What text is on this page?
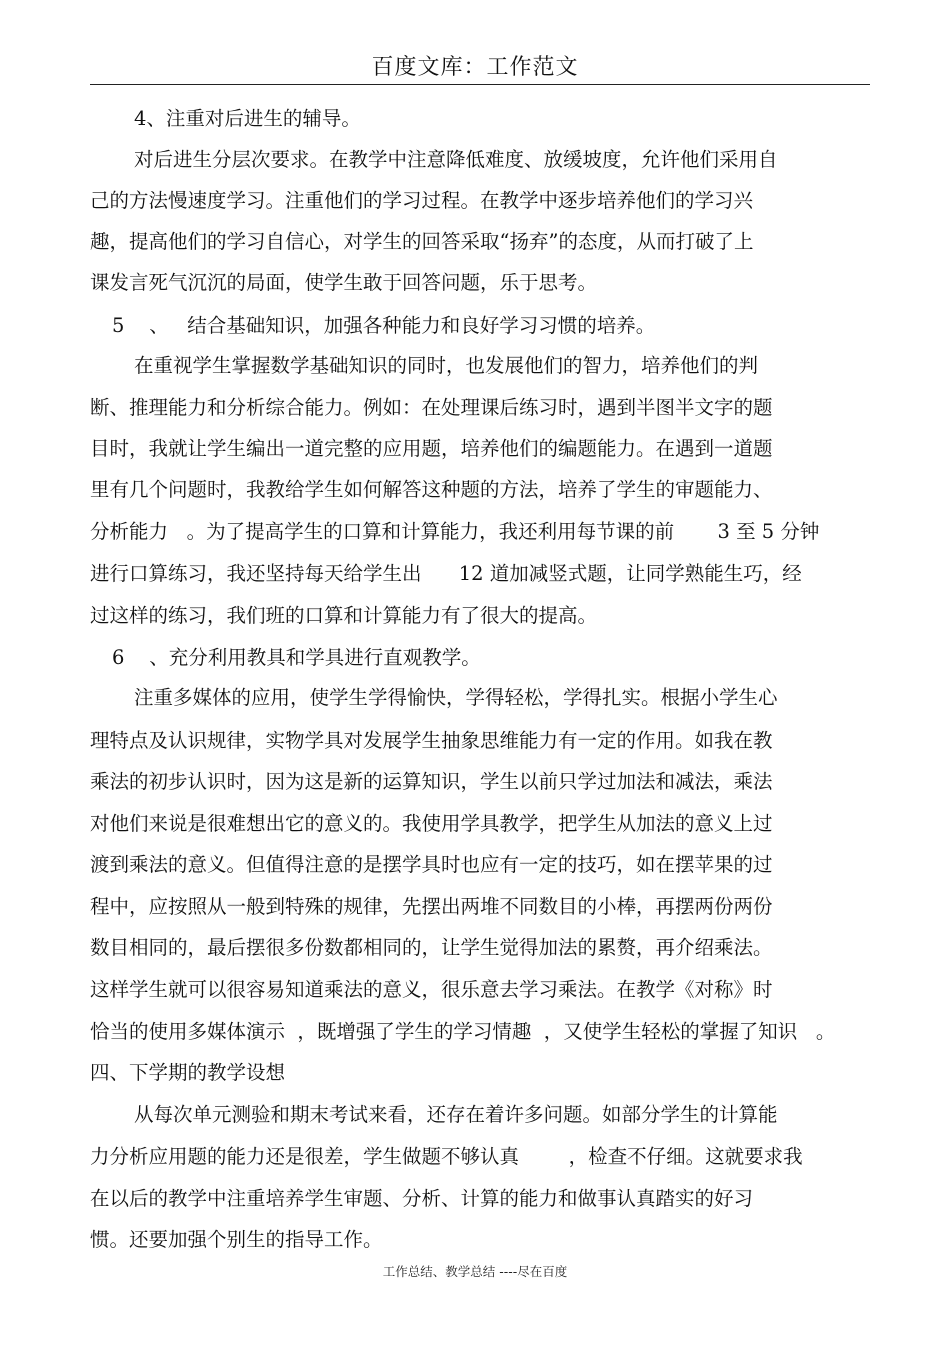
百度文库：工作范文
4、注重对后进生的辅导。
对后进生分层次要求。在教学中注意降低难度、放缓坡度，允许他们采用自
己的方法慢速度学习。注重他们的学习过程。在教学中逐步培养他们的学习兴
趣，提高他们的学习自信心，对学生的回答采取“扬弃”的态度，从而打破了上
课发言死气沉沉的局面，使学生敢于回答问题，乐于思考。
5    、   结合基础知识，加强各种能力和良好学习习惯的培养。
在重视学生掌握数学基础知识的同时，也发展他们的智力，培养他们的判
断、推理能力和分析综合能力。例如：在处理课后练习时，遇到半图半文字的题
目时，我就让学生编出一道完整的应用题，培养他们的编题能力。在遇到一道题
里有几个问题时，我教给学生如何解答这种题的方法，培养了学生的审题能力、
分析能力   。为了提高学生的口算和计算能力，我还利用每节课的前       3 至 5 分钟
进行口算练习，我还坚持每天给学生出      12 道加减竖式题，让同学熟能生巧，经
过这样的练习，我们班的口算和计算能力有了很大的提高。
6    、充分利用教具和学具进行直观教学。
注重多媒体的应用，使学生学得愉快，学得轻松，学得扎实。根据小学生心
理特点及认识规律，实物学具对发展学生抽象思维能力有一定的作用。如我在教
乘法的初步认识时，因为这是新的运算知识，学生以前只学过加法和减法，乘法
对他们来说是很难想出它的意义的。我使用学具教学，把学生从加法的意义上过
渡到乘法的意义。但值得注意的是摆学具时也应有一定的技巧，如在摆苹果的过
程中，应按照从一般到特殊的规律，先摆出两堆不同数目的小棒，再摆两份两份
数目相同的，最后摆很多份数都相同的，让学生觉得加法的累赘，再介绍乘法。
这样学生就可以很容易知道乘法的意义，很乐意去学习乘法。在教学《对称》时
恰当的使用多媒体演示  ，既增强了学生的学习情趣  ，又使学生轻松的掌握了知识   。
四、下学期的教学设想
从每次单元测验和期末考试来看，还存在着许多问题。如部分学生的计算能
力分析应用题的能力还是很差，学生做题不够认真        ，检查不仔细。这就要求我
在以后的教学中注重培养学生审题、分析、计算的能力和做事认真踏实的好习
惯。还要加强个别生的指导工作。
工作总结、教学总结 ----尽在百度
